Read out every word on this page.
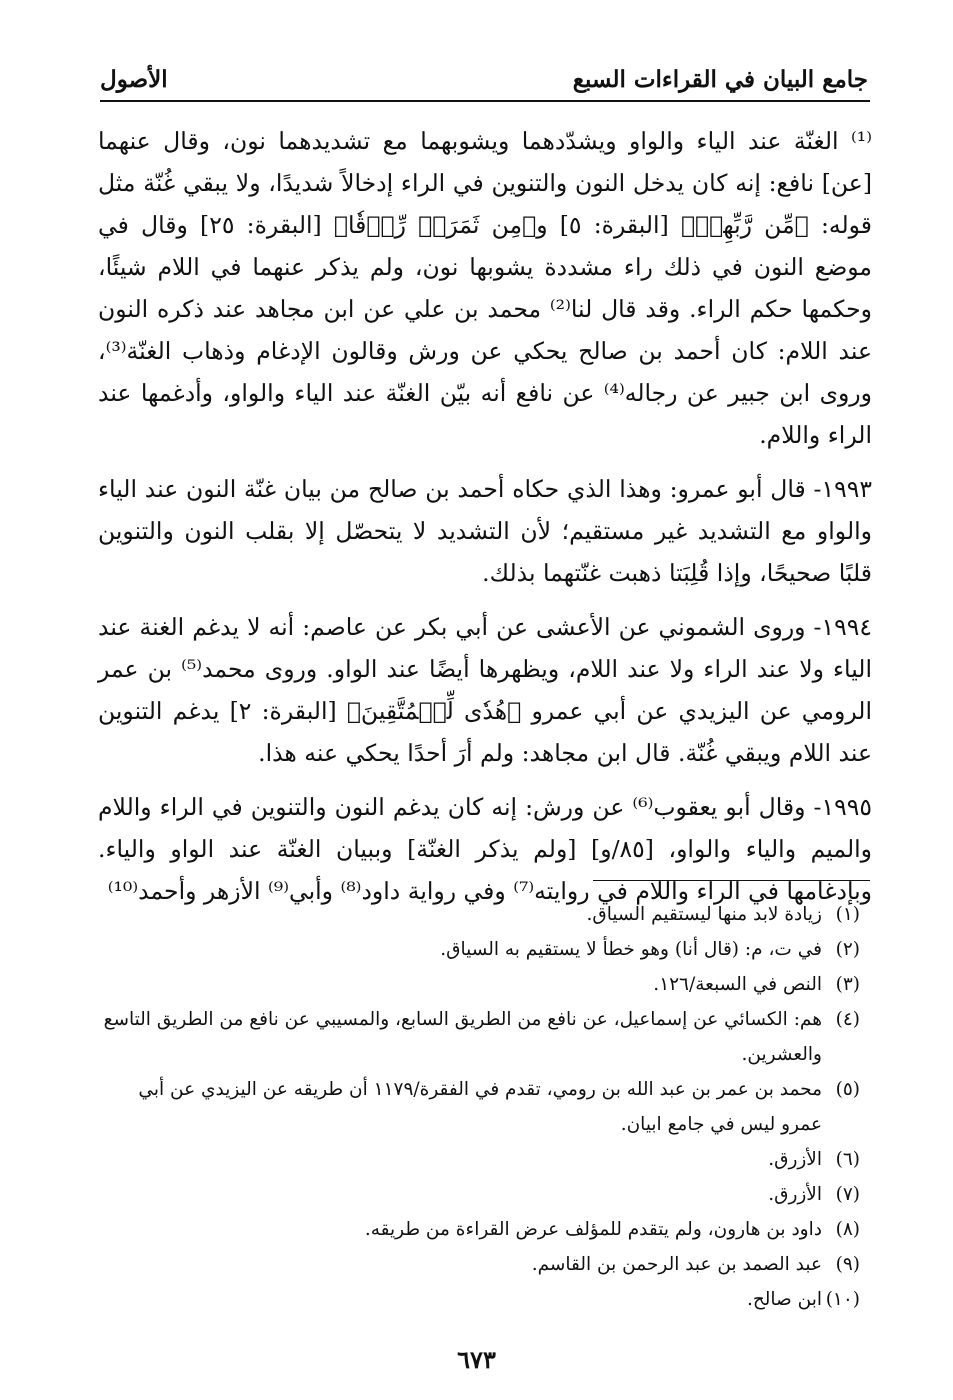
جامع البيان في القراءات السبع
الأصول

⁽¹⁾ الغنّة عند الياء والواو ويشدّدهما ويشوبهما مع تشديدهما نون، وقال عنهما [عن] نافع: إنه كان يدخل النون والتنوين في الراء إدخالاً شديدًا، ولا يبقي غُنّة مثل قوله: ﴿مِّن رَّبِّهِمۡ﴾ [البقرة: ٥] و﴿مِن ثَمَرَةٖ رِّزۡقٗا﴾ [البقرة: ٢٥] وقال في موضع النون في ذلك راء مشددة يشوبها نون، ولم يذكر عنهما في اللام شيئًا، وحكمها حكم الراء. وقد قال لنا⁽²⁾ محمد بن علي عن ابن مجاهد عند ذكره النون عند اللام: كان أحمد بن صالح يحكي عن ورش وقالون الإدغام وذهاب الغنّة⁽³⁾، وروى ابن جبير عن رجاله⁽⁴⁾ عن نافع أنه بيّن الغنّة عند الياء والواو، وأدغمها عند الراء واللام.

١٩٩٣- قال أبو عمرو: وهذا الذي حكاه أحمد بن صالح من بيان غنّة النون عند الياء والواو مع التشديد غير مستقيم؛ لأن التشديد لا يتحصّل إلا بقلب النون والتنوين قلبًا صحيحًا، وإذا قُلِبَتا ذهبت غنّتهما بذلك.

١٩٩٤- وروى الشموني عن الأعشى عن أبي بكر عن عاصم: أنه لا يدغم الغنة عند الياء ولا عند الراء ولا عند اللام، ويظهرها أيضًا عند الواو. وروى محمد⁽⁵⁾ بن عمر الرومي عن اليزيدي عن أبي عمرو ﴿هُدٗى لِّلۡمُتَّقِينَ﴾ [البقرة: ٢] يدغم التنوين عند اللام ويبقي غُنّة. قال ابن مجاهد: ولم أرَ أحدًا يحكي عنه هذا.

١٩٩٥- وقال أبو يعقوب⁽⁶⁾ عن ورش: إنه كان يدغم النون والتنوين في الراء واللام والميم والياء والواو، [٨٥/و] [ولم يذكر الغنّة] وببيان الغنّة عند الواو والياء. وبإدغامها في الراء واللام في روايته⁽⁷⁾ وفي رواية داود⁽⁸⁾ وأبي⁽⁹⁾ الأزهر وأحمد⁽¹⁰⁾

(١)
زيادة لابد منها ليستقيم السياق.
(٢)
في ت، م: (قال أنا) وهو خطأ لا يستقيم به السياق.
(٣)
النص في السبعة/١٢٦.
(٤)
هم: الكسائي عن إسماعيل، عن نافع من الطريق السابع، والمسيبي عن نافع من الطريق التاسع والعشرين.
(٥)
محمد بن عمر بن عبد الله بن رومي، تقدم في الفقرة/١١٧٩ أن طريقه عن اليزيدي عن أبي عمرو ليس في جامع ابيان.
(٦)
الأزرق.
(٧)
الأزرق.
(٨)
داود بن هارون، ولم يتقدم للمؤلف عرض القراءة من طريقه.
(٩)
عبد الصمد بن عبد الرحمن بن القاسم.
(١٠)
ابن صالح.
٦٧٣
